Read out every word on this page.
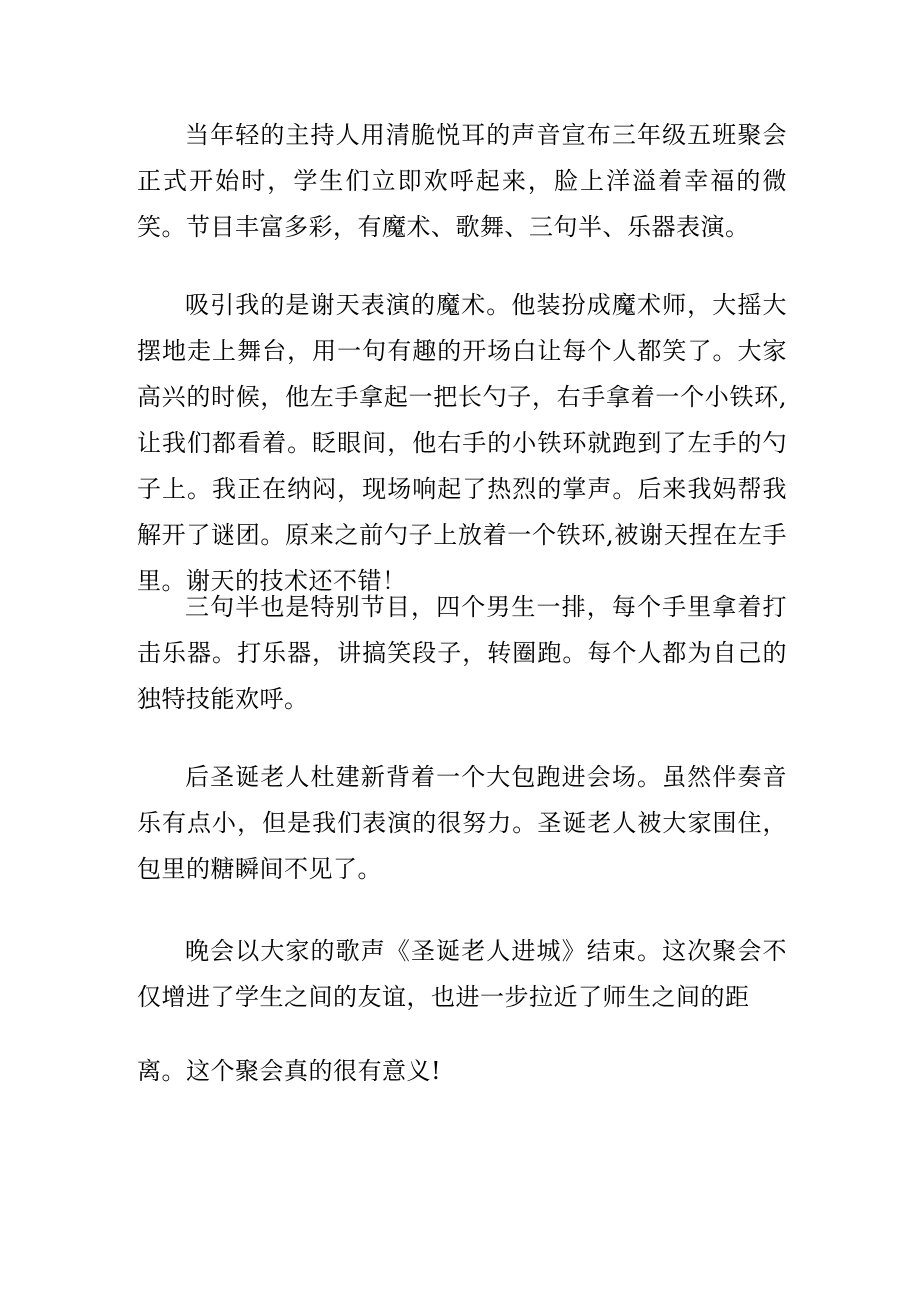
当年轻的主持人用清脆悦耳的声音宣布三年级五班聚会正式开始时，学生们立即欢呼起来，脸上洋溢着幸福的微笑。节目丰富多彩，有魔术、歌舞、三句半、乐器表演。

吸引我的是谢天表演的魔术。他装扮成魔术师，大摇大摆地走上舞台，用一句有趣的开场白让每个人都笑了。大家高兴的时候，他左手拿起一把长勺子，右手拿着一个小铁环,让我们都看着。眨眼间，他右手的小铁环就跑到了左手的勺子上。我正在纳闷，现场响起了热烈的掌声。后来我妈帮我解开了谜团。原来之前勺子上放着一个铁环,被谢天捏在左手里。谢天的技术还不错！

三句半也是特别节目，四个男生一排，每个手里拿着打击乐器。打乐器，讲搞笑段子，转圈跑。每个人都为自己的独特技能欢呼。

后圣诞老人杜建新背着一个大包跑进会场。虽然伴奏音乐有点小，但是我们表演的很努力。圣诞老人被大家围住，包里的糖瞬间不见了。

晚会以大家的歌声《圣诞老人进城》结束。这次聚会不仅增进了学生之间的友谊，也进一步拉近了师生之间的距

离。这个聚会真的很有意义!
